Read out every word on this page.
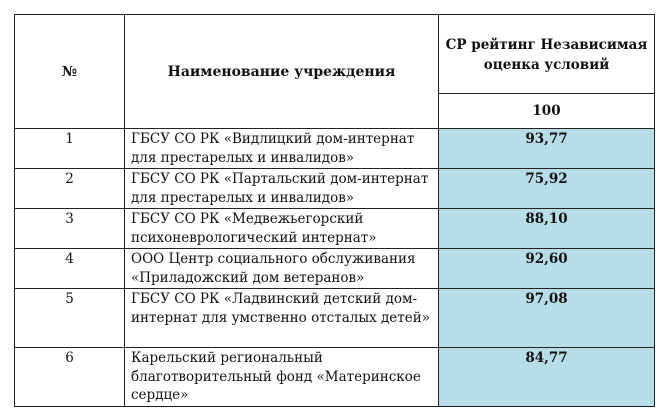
№	Наименование учреждения	СР рейтинг Независимая оценка условий
		100
1	ГБСУ СО РК «Видлицкий дом-интернат для престарелых и инвалидов»	93,77
2	ГБСУ СО РК «Партальский дом-интернат для престарелых и инвалидов»	75,92
3	ГБСУ СО РК «Медвежьегорский психоневрологический интернат»	88,10
4	ООО Центр социального обслуживания «Приладожский дом ветеранов»	92,60
5	ГБСУ СО РК «Ладвинский детский дом-интернат для умственно отсталых детей»	97,08
6	Карельский региональный благотворительный фонд «Материнское сердце»	84,77
